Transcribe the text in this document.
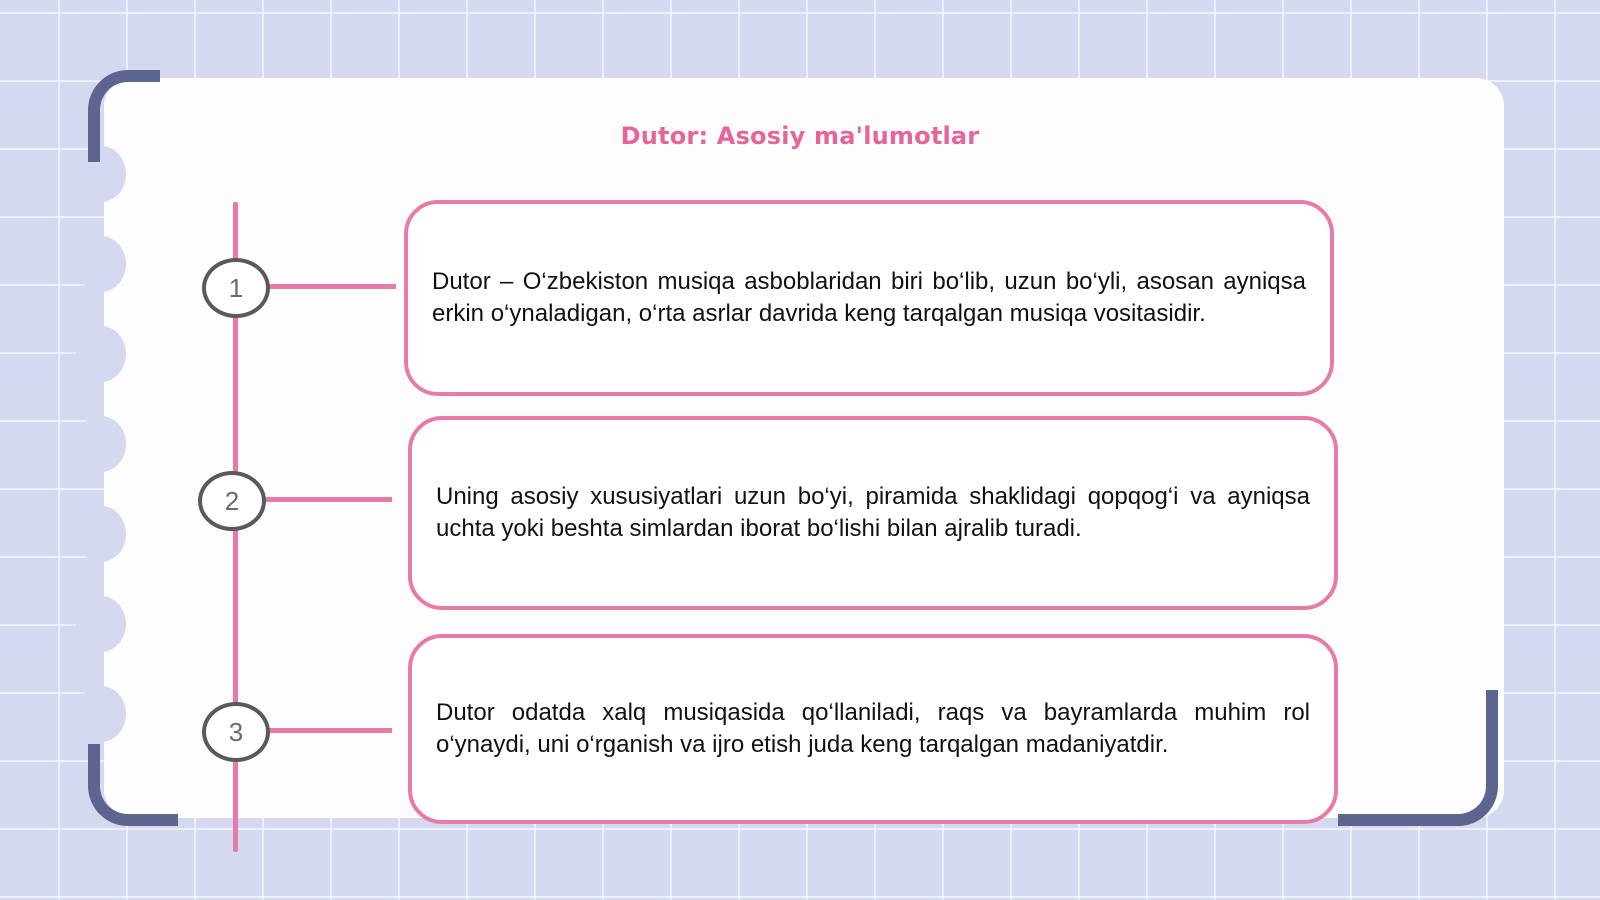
Dutor: Asosiy ma'lumotlar
1	Dutor – O‘zbekiston musiqa asboblaridan biri bo‘lib, uzun bo‘yli, asosan ayniqsa erkin o‘ynaladigan, o‘rta asrlar davrida keng tarqalgan musiqa vositasidir.

2	Uning asosiy xususiyatlari uzun bo‘yi, piramida shaklidagi qopqog‘i va ayniqsa uchta yoki beshta simlardan iborat bo‘lishi bilan ajralib turadi.

3

Dutor odatda xalq musiqasida qo‘llaniladi, raqs va bayramlarda muhim rol o‘ynaydi, uni o‘rganish va ijro etish juda keng tarqalgan madaniyatdir.
